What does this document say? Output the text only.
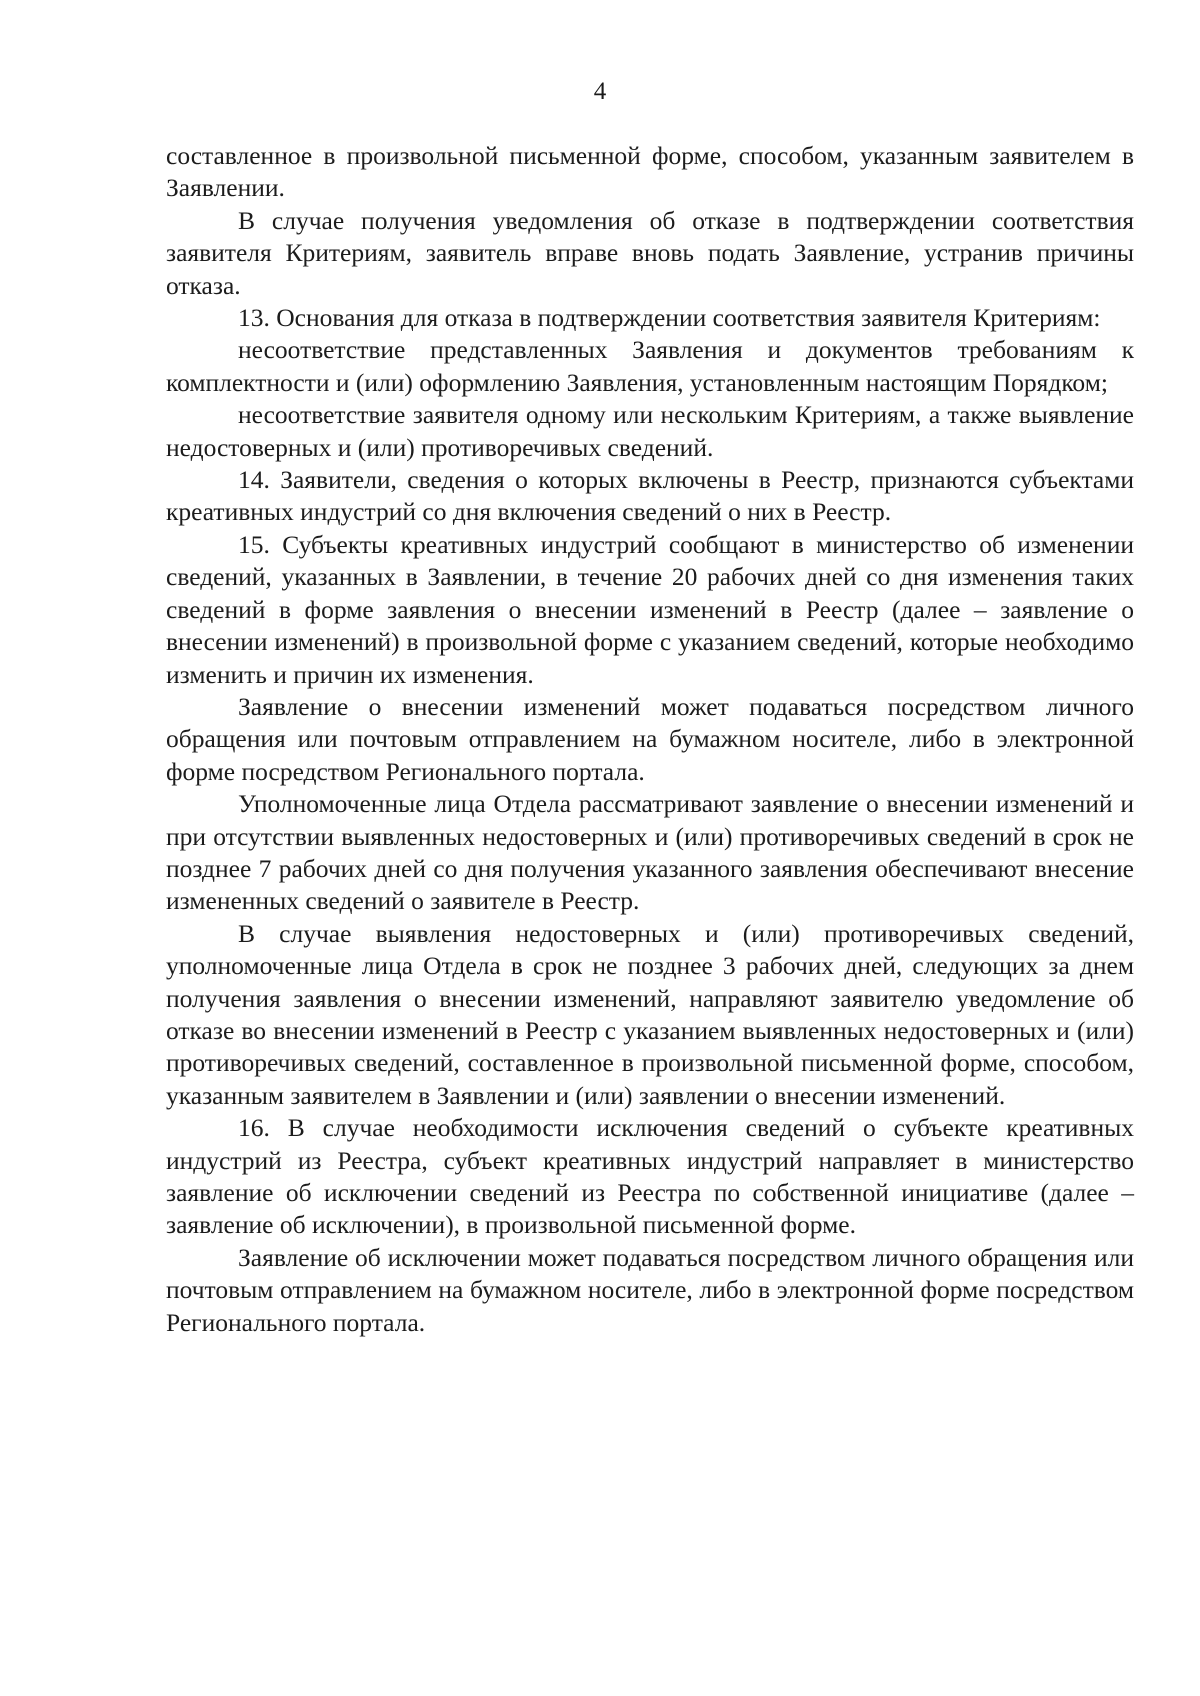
4

составленное в произвольной письменной форме, способом, указанным заявителем в Заявлении.

В случае получения уведомления об отказе в подтверждении соответствия заявителя Критериям, заявитель вправе вновь подать Заявление, устранив причины отказа.

13. Основания для отказа в подтверждении соответствия заявителя Критериям:

несоответствие представленных Заявления и документов требованиям к комплектности и (или) оформлению Заявления, установленным настоящим Порядком;

несоответствие заявителя одному или нескольким Критериям, а также выявление недостоверных и (или) противоречивых сведений.

14. Заявители, сведения о которых включены в Реестр, признаются субъектами креативных индустрий со дня включения сведений о них в Реестр.

15. Субъекты креативных индустрий сообщают в министерство об изменении сведений, указанных в Заявлении, в течение 20 рабочих дней со дня изменения таких сведений в форме заявления о внесении изменений в Реестр (далее – заявление о внесении изменений) в произвольной форме с указанием сведений, которые необходимо изменить и причин их изменения.

Заявление о внесении изменений может подаваться посредством личного обращения или почтовым отправлением на бумажном носителе, либо в электронной форме посредством Регионального портала.

Уполномоченные лица Отдела рассматривают заявление о внесении изменений и при отсутствии выявленных недостоверных и (или) противоречивых сведений в срок не позднее 7 рабочих дней со дня получения указанного заявления обеспечивают внесение измененных сведений о заявителе в Реестр.

В случае выявления недостоверных и (или) противоречивых сведений, уполномоченные лица Отдела в срок не позднее 3 рабочих дней, следующих за днем получения заявления о внесении изменений, направляют заявителю уведомление об отказе во внесении изменений в Реестр с указанием выявленных недостоверных и (или) противоречивых сведений, составленное в произвольной письменной форме, способом, указанным заявителем в Заявлении и (или) заявлении о внесении изменений.

16. В случае необходимости исключения сведений о субъекте креативных индустрий из Реестра, субъект креативных индустрий направляет в министерство заявление об исключении сведений из Реестра по собственной инициативе (далее – заявление об исключении), в произвольной письменной форме.

Заявление об исключении может подаваться посредством личного обращения или почтовым отправлением на бумажном носителе, либо в электронной форме посредством Регионального портала.
